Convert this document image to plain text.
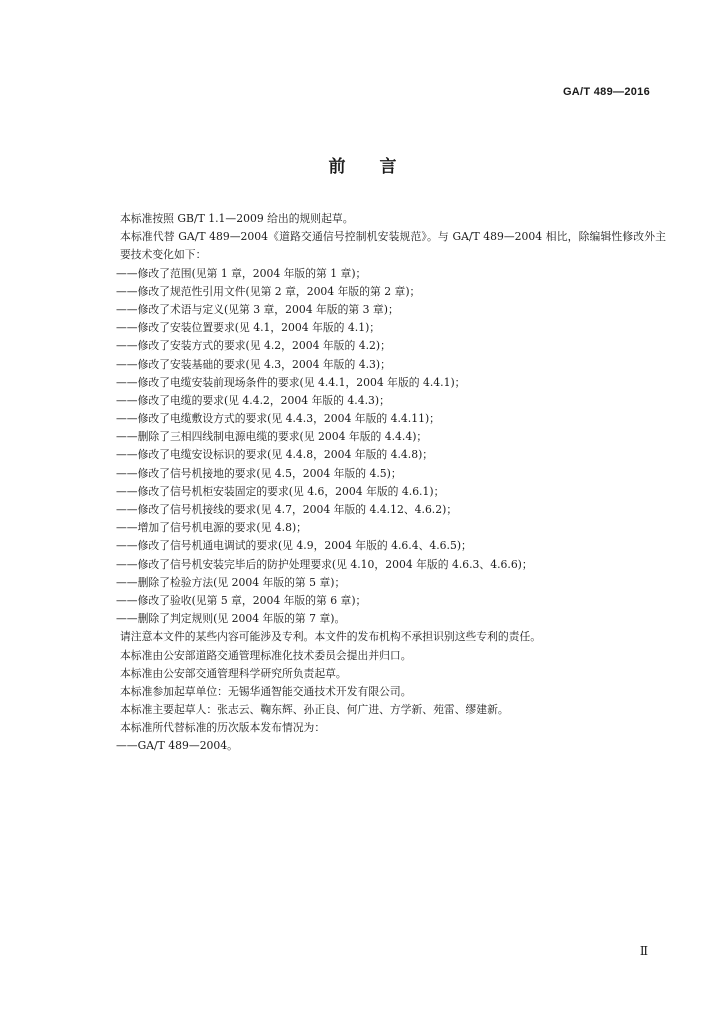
GA/T 489—2016
前言
本标准按照 GB/T 1.1—2009 给出的规则起草。
本标准代替 GA/T 489—2004《道路交通信号控制机安装规范》。与 GA/T 489—2004 相比，除编辑性修改外主要技术变化如下：
——修改了范围(见第 1 章，2004 年版的第 1 章)；
——修改了规范性引用文件(见第 2 章，2004 年版的第 2 章)；
——修改了术语与定义(见第 3 章，2004 年版的第 3 章)；
——修改了安装位置要求(见 4.1，2004 年版的 4.1)；
——修改了安装方式的要求(见 4.2，2004 年版的 4.2)；
——修改了安装基础的要求(见 4.3，2004 年版的 4.3)；
——修改了电缆安装前现场条件的要求(见 4.4.1，2004 年版的 4.4.1)；
——修改了电缆的要求(见 4.4.2，2004 年版的 4.4.3)；
——修改了电缆敷设方式的要求(见 4.4.3，2004 年版的 4.4.11)；
——删除了三相四线制电源电缆的要求(见 2004 年版的 4.4.4)；
——修改了电缆安设标识的要求(见 4.4.8，2004 年版的 4.4.8)；
——修改了信号机接地的要求(见 4.5，2004 年版的 4.5)；
——修改了信号机柜安装固定的要求(见 4.6，2004 年版的 4.6.1)；
——修改了信号机接线的要求(见 4.7，2004 年版的 4.4.12、4.6.2)；
——增加了信号机电源的要求(见 4.8)；
——修改了信号机通电调试的要求(见 4.9，2004 年版的 4.6.4、4.6.5)；
——修改了信号机安装完毕后的防护处理要求(见 4.10，2004 年版的 4.6.3、4.6.6)；
——删除了检验方法(见 2004 年版的第 5 章)；
——修改了验收(见第 5 章，2004 年版的第 6 章)；
——删除了判定规则(见 2004 年版的第 7 章)。
请注意本文件的某些内容可能涉及专利。本文件的发布机构不承担识别这些专利的责任。
本标准由公安部道路交通管理标准化技术委员会提出并归口。
本标准由公安部交通管理科学研究所负责起草。
本标准参加起草单位：无锡华通智能交通技术开发有限公司。
本标准主要起草人：张志云、鞠东辉、孙正良、何广进、方学新、苑雷、缪建新。
本标准所代替标准的历次版本发布情况为：
——GA/T 489—2004。
Ⅱ
